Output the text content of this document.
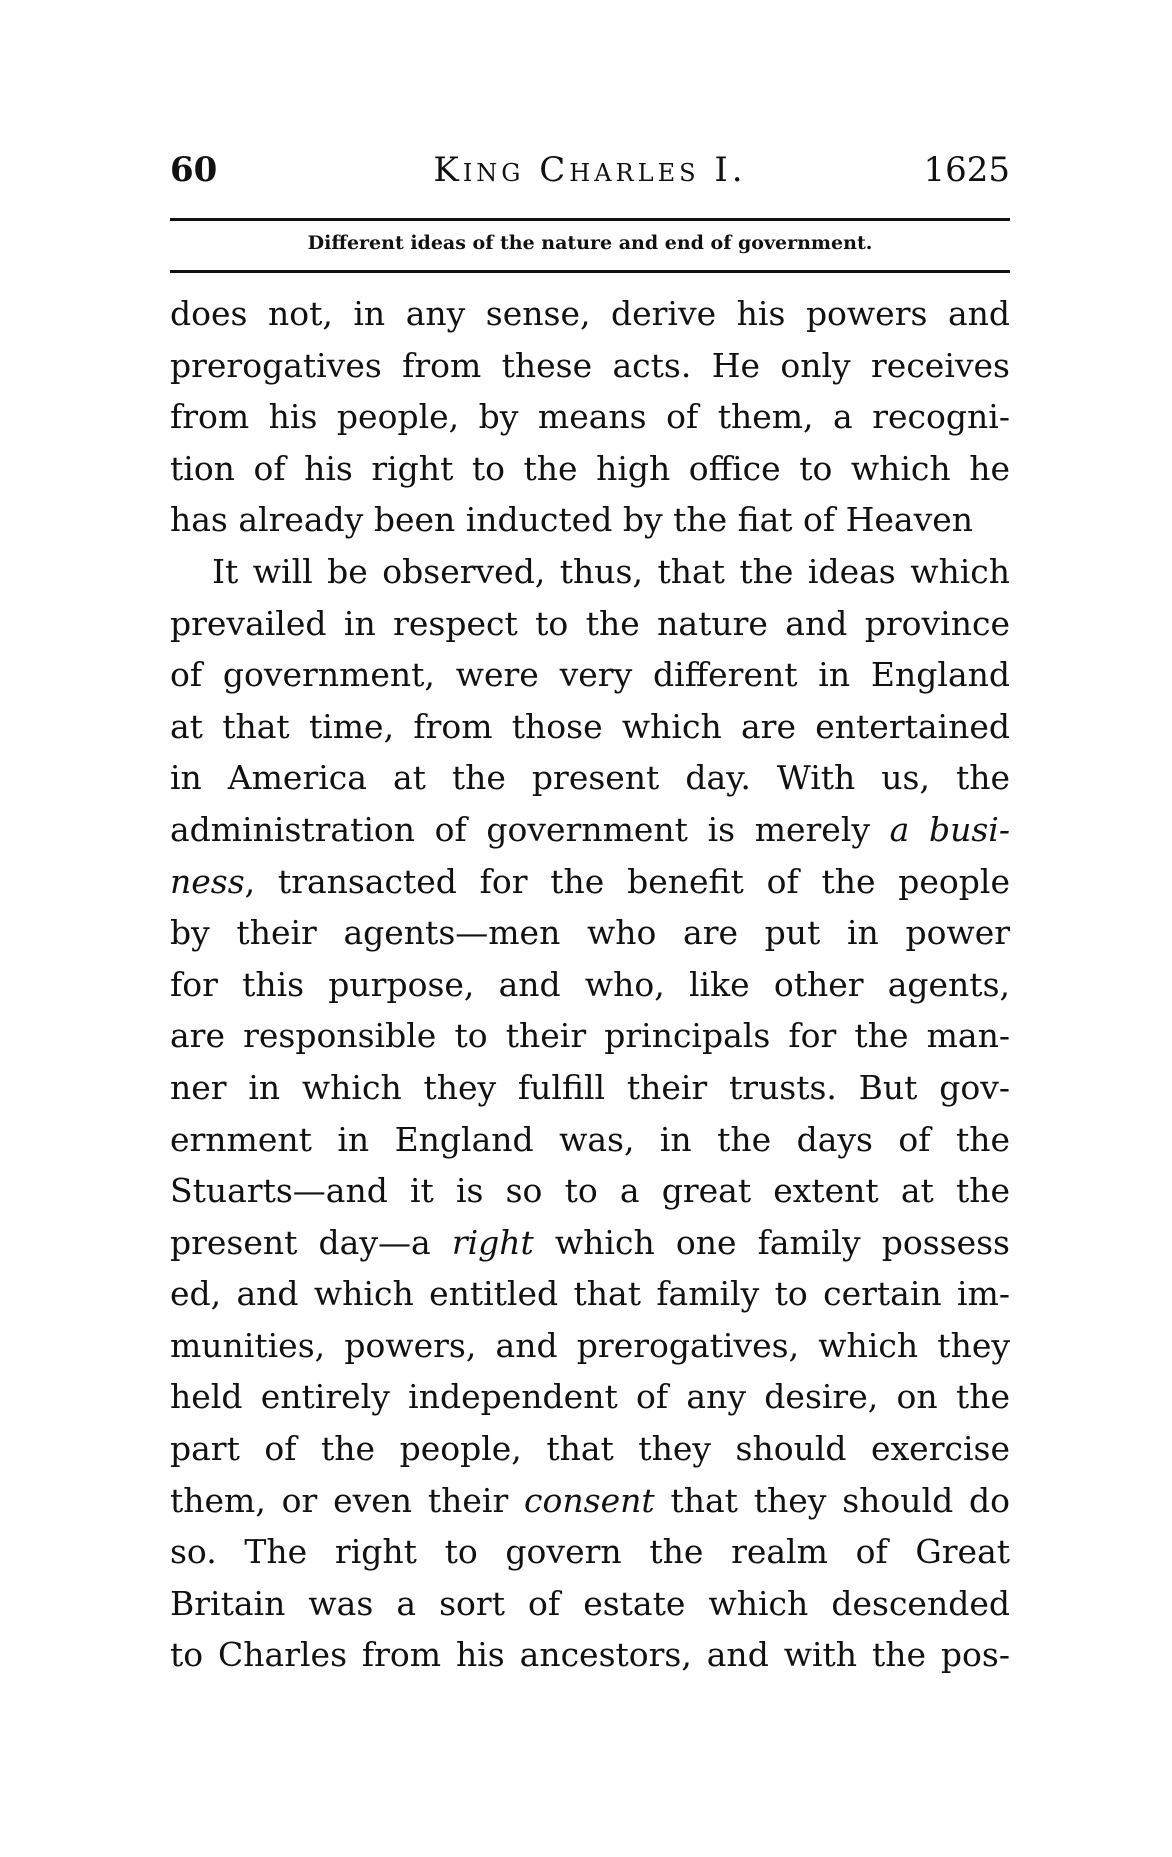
King Charles I.
60	1625
Different ideas of the nature and end of government.
does not, in any sense, derive his powers and
prerogatives from these acts. He only receives
from his people, by means of them, a recogni-
tion of his right to the high office to which he
has already been inducted by the fiat of Heaven
It will be observed, thus, that the ideas which
prevailed in respect to the nature and province
of government, were very different in England
at that time, from those which are entertained
in America at the present day. With us, the
administration of government is merely a busi-
ness, transacted for the benefit of the people
by their agents—men who are put in power
for this purpose, and who, like other agents,
are responsible to their principals for the man-
ner in which they fulfill their trusts. But gov-
ernment in England was, in the days of the
Stuarts—and it is so to a great extent at the
present day—a right which one family possess
ed, and which entitled that family to certain im-
munities, powers, and prerogatives, which they
held entirely independent of any desire, on the
part of the people, that they should exercise
them, or even their consent that they should do
so. The right to govern the realm of Great
Britain was a sort of estate which descended
to Charles from his ancestors, and with the pos-
